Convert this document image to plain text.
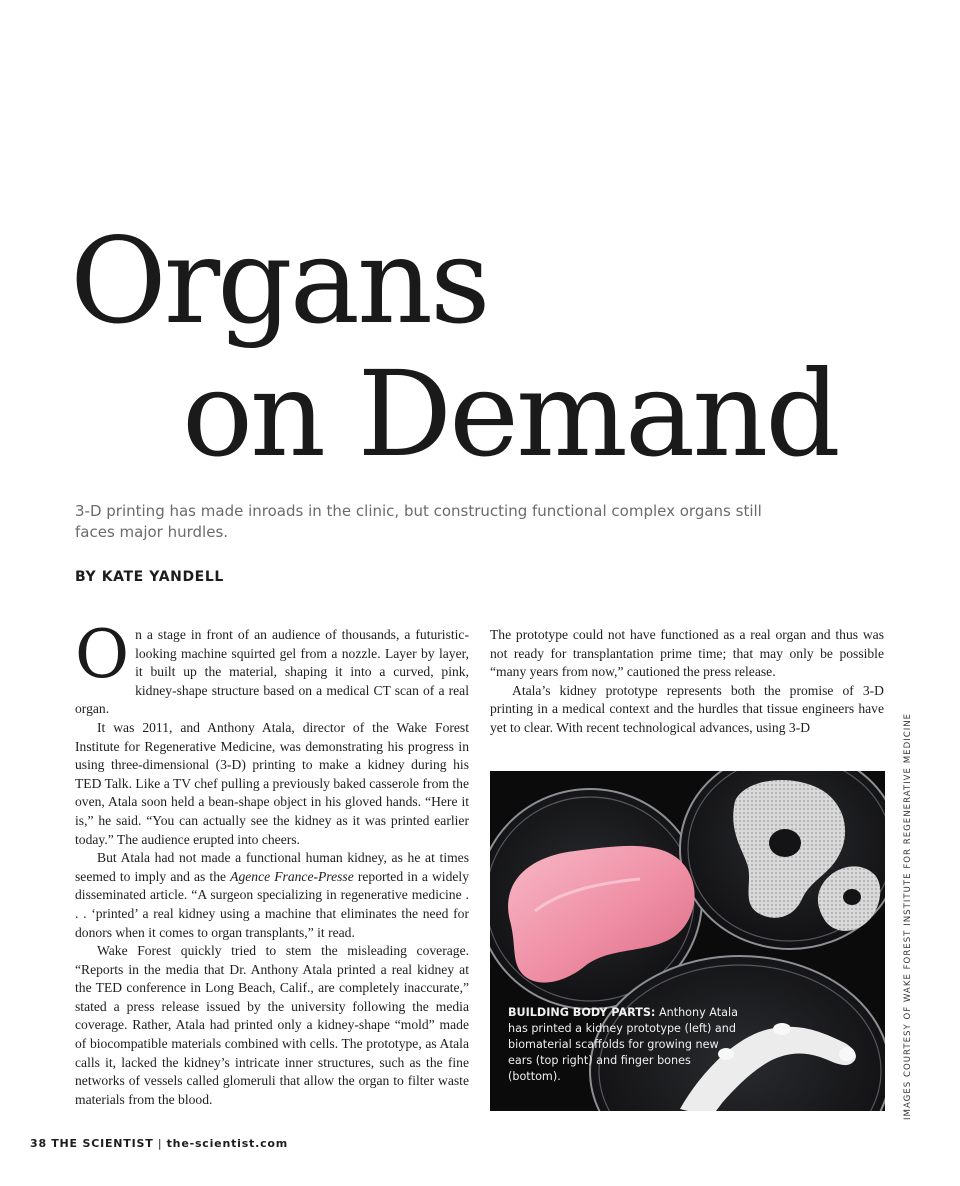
Organs
on Demand

3-D printing has made inroads in the clinic, but constructing functional complex organs still faces major hurdles.

BY KATE YANDELL

On a stage in front of an audience of thousands, a futuristic-looking machine squirted gel from a nozzle. Layer by layer, it built up the material, shaping it into a curved, pink, kidney-shape structure based on a medical CT scan of a real organ.

It was 2011, and Anthony Atala, director of the Wake Forest Institute for Regenerative Medicine, was demonstrating his progress in using three-dimensional (3-D) printing to make a kidney during his TED Talk. Like a TV chef pulling a previously baked casserole from the oven, Atala soon held a bean-shape object in his gloved hands. “Here it is,” he said. “You can actually see the kidney as it was printed earlier today.” The audience erupted into cheers.

But Atala had not made a functional human kidney, as he at times seemed to imply and as the Agence France-Presse reported in a widely disseminated article. “A surgeon specializing in regenerative medicine . . . ‘printed’ a real kidney using a machine that eliminates the need for donors when it comes to organ transplants,” it read.

Wake Forest quickly tried to stem the misleading coverage. “Reports in the media that Dr. Anthony Atala printed a real kidney at the TED conference in Long Beach, Calif., are completely inaccurate,” stated a press release issued by the university following the media coverage. Rather, Atala had printed only a kidney-shape “mold” made of biocompatible materials combined with cells. The prototype, as Atala calls it, lacked the kidney’s intricate inner structures, such as the fine networks of vessels called glomeruli that allow the organ to filter waste materials from the blood.

The prototype could not have functioned as a real organ and thus was not ready for transplantation prime time; that may only be possible “many years from now,” cautioned the press release.

Atala’s kidney prototype represents both the promise of 3-D printing in a medical context and the hurdles that tissue engineers have yet to clear. With recent technological advances, using 3-D

BUILDING BODY PARTS: Anthony Atala has printed a kidney prototype (left) and biomaterial scaffolds for growing new ears (top right) and finger bones (bottom).	IMAGES COURTESY OF WAKE FOREST INSTITUTE FOR REGENERATIVE MEDICINE
38 THE SCIENTIST | the-scientist.com
